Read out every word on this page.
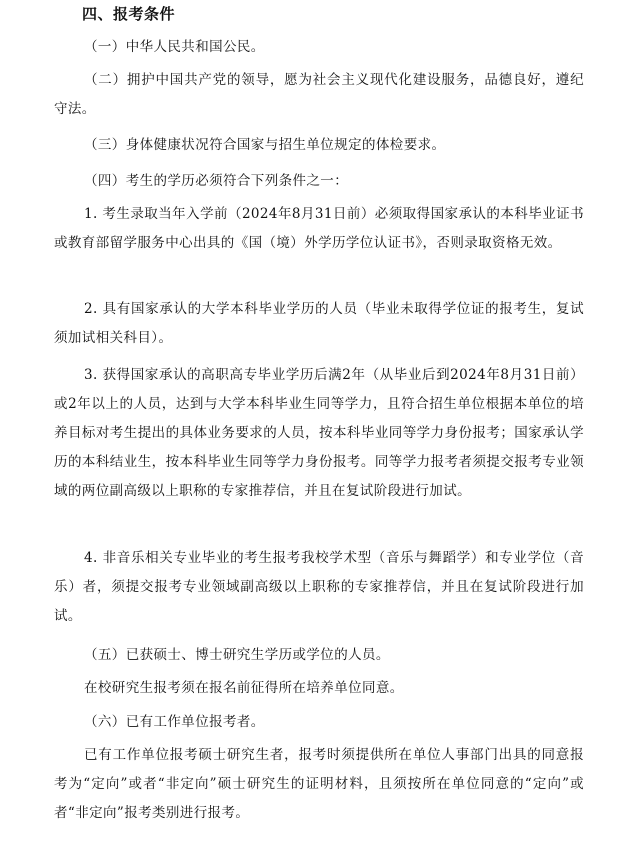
四、报考条件

（一）中华人民共和国公民。

（二）拥护中国共产党的领导，愿为社会主义现代化建设服务，品德良好，遵纪守法。

（三）身体健康状况符合国家与招生单位规定的体检要求。

（四）考生的学历必须符合下列条件之一：

1. 考生录取当年入学前（2024年8月31日前）必须取得国家承认的本科毕业证书或教育部留学服务中心出具的《国（境）外学历学位认证书》，否则录取资格无效。

2. 具有国家承认的大学本科毕业学历的人员（毕业未取得学位证的报考生，复试须加试相关科目）。

3. 获得国家承认的高职高专毕业学历后满2年（从毕业后到2024年8月31日前）或2年以上的人员，达到与大学本科毕业生同等学力，且符合招生单位根据本单位的培养目标对考生提出的具体业务要求的人员，按本科毕业同等学力身份报考；国家承认学历的本科结业生，按本科毕业生同等学力身份报考。同等学力报考者须提交报考专业领域的两位副高级以上职称的专家推荐信，并且在复试阶段进行加试。

4. 非音乐相关专业毕业的考生报考我校学术型（音乐与舞蹈学）和专业学位（音乐）者，须提交报考专业领域副高级以上职称的专家推荐信，并且在复试阶段进行加试。

（五）已获硕士、博士研究生学历或学位的人员。

在校研究生报考须在报名前征得所在培养单位同意。

（六）已有工作单位报考者。

已有工作单位报考硕士研究生者，报考时须提供所在单位人事部门出具的同意报考为“定向”或者“非定向”硕士研究生的证明材料，且须按所在单位同意的“定向”或者“非定向”报考类别进行报考。
